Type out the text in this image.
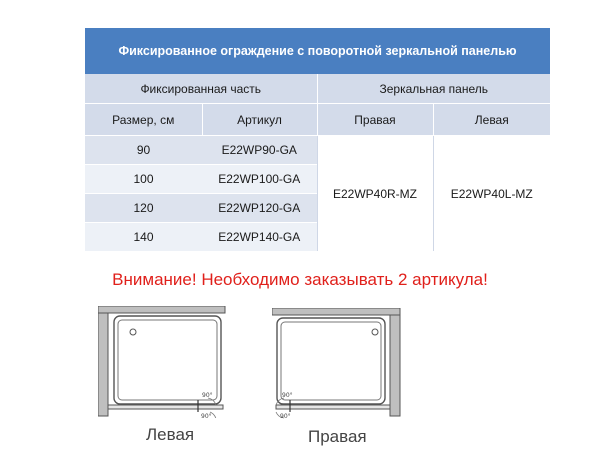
Фиксированное ограждение с поворотной зеркальной панелью			
Фиксированная часть		Зеркальная панель	
Размер, см	Артикул	Правая	Левая
90	E22WP90-GA	E22WP40R-MZ	E22WP40L-MZ
100	E22WP100-GA		
120	E22WP120-GA		
140	E22WP140-GA		
Внимание! Необходимо заказывать 2 артикула!
90°
90°
Левая
90°
90°
Правая
